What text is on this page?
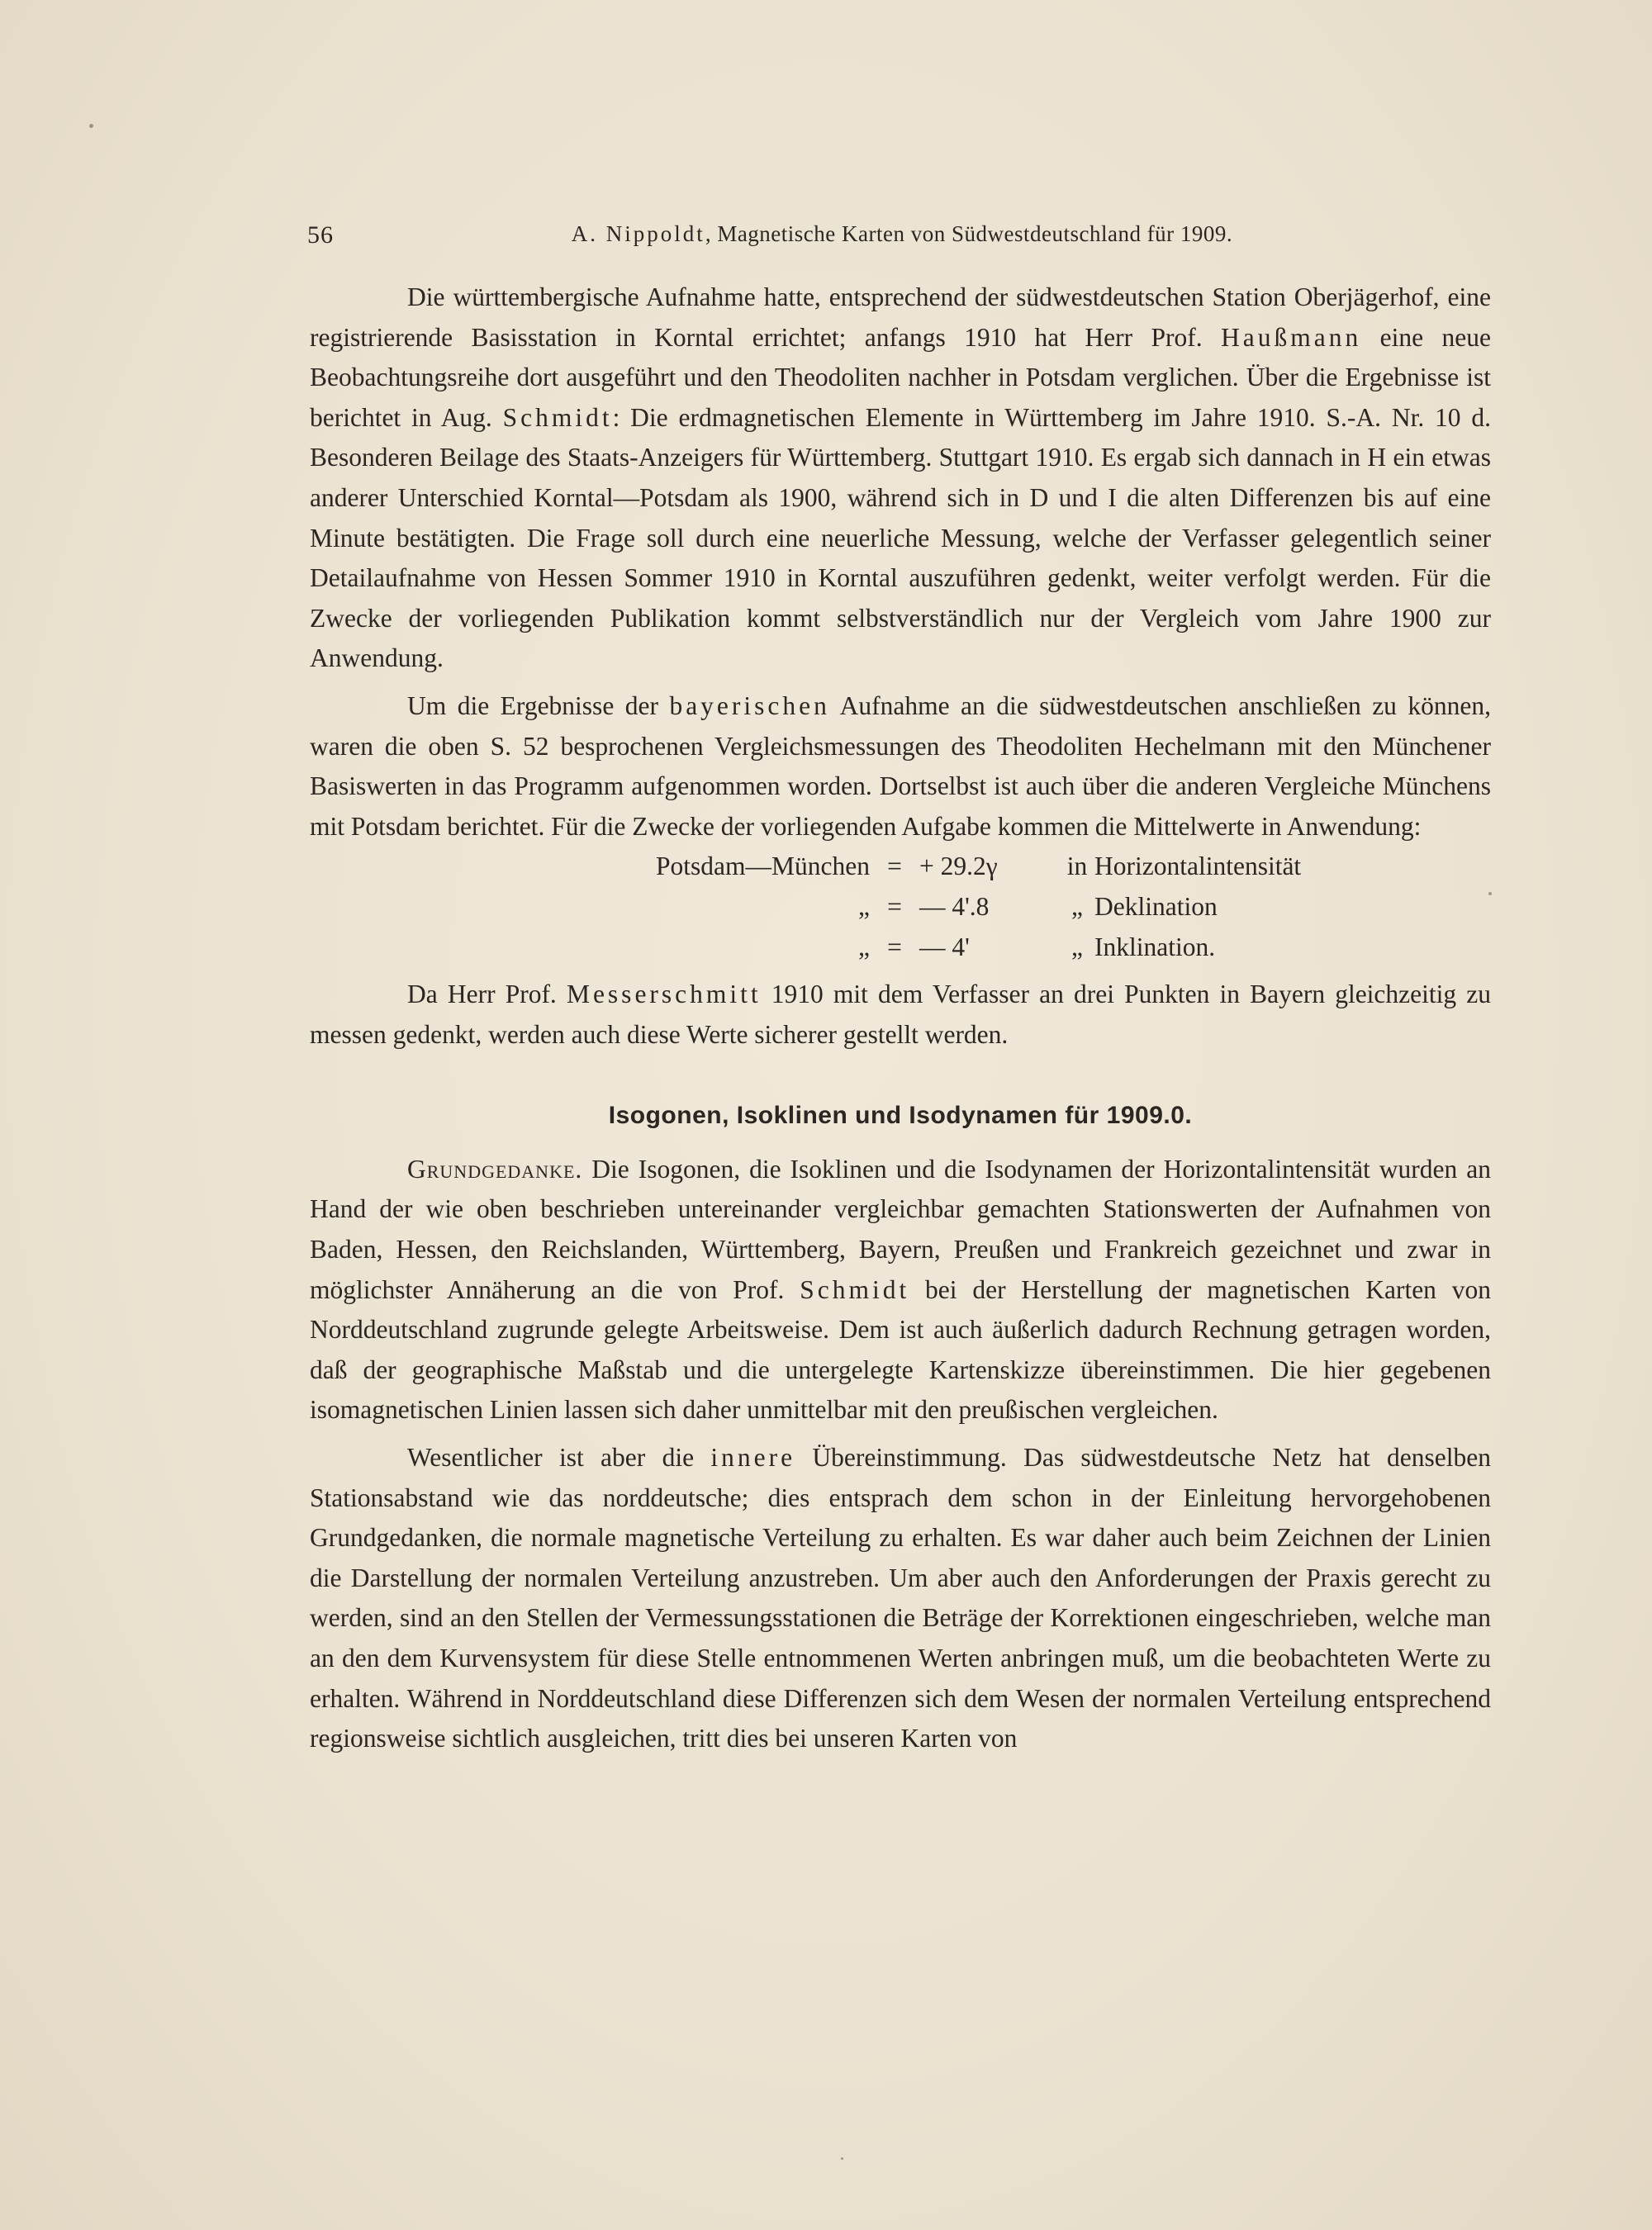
56	A. Nippoldt, Magnetische Karten von Südwestdeutschland für 1909.

Die württembergische Aufnahme hatte, entsprechend der südwestdeutschen Station Oberjägerhof, eine registrierende Basisstation in Korntal errichtet; anfangs 1910 hat Herr Prof. Haußmann eine neue Beobachtungsreihe dort ausgeführt und den Theodoliten nachher in Potsdam verglichen. Über die Ergebnisse ist berichtet in Aug. Schmidt: Die erdmagnetischen Elemente in Württemberg im Jahre 1910. S.-A. Nr. 10 d. Besonderen Beilage des Staats-Anzeigers für Württemberg. Stuttgart 1910. Es ergab sich dannach in H ein etwas anderer Unterschied Korntal—Potsdam als 1900, während sich in D und I die alten Differenzen bis auf eine Minute bestätigten. Die Frage soll durch eine neuerliche Messung, welche der Verfasser gelegentlich seiner Detailaufnahme von Hessen Sommer 1910 in Korntal auszuführen gedenkt, weiter verfolgt werden. Für die Zwecke der vorliegenden Publikation kommt selbstverständlich nur der Vergleich vom Jahre 1900 zur Anwendung.

Um die Ergebnisse der bayerischen Aufnahme an die südwestdeutschen anschließen zu können, waren die oben S. 52 besprochenen Vergleichsmessungen des Theodoliten Hechelmann mit den Münchener Basiswerten in das Programm aufgenommen worden. Dortselbst ist auch über die anderen Vergleiche Münchens mit Potsdam berichtet. Für die Zwecke der vorliegenden Aufgabe kommen die Mittelwerte in Anwendung:

Potsdam—München = + 29.2γ	in Horizontalintensität
„ = — 4'.8	„ Deklination
„ = — 4'	„ Inklination.

Da Herr Prof. Messerschmitt 1910 mit dem Verfasser an drei Punkten in Bayern gleichzeitig zu messen gedenkt, werden auch diese Werte sicherer gestellt werden.

Isogonen, Isoklinen und Isodynamen für 1909.0.

Grundgedanke. Die Isogonen, die Isoklinen und die Isodynamen der Horizontalintensität wurden an Hand der wie oben beschrieben untereinander vergleichbar gemachten Stationswerten der Aufnahmen von Baden, Hessen, den Reichslanden, Württemberg, Bayern, Preußen und Frankreich gezeichnet und zwar in möglichster Annäherung an die von Prof. Schmidt bei der Herstellung der magnetischen Karten von Norddeutschland zugrunde gelegte Arbeitsweise. Dem ist auch äußerlich dadurch Rechnung getragen worden, daß der geographische Maßstab und die untergelegte Kartenskizze übereinstimmen. Die hier gegebenen isomagnetischen Linien lassen sich daher unmittelbar mit den preußischen vergleichen.

Wesentlicher ist aber die innere Übereinstimmung. Das südwestdeutsche Netz hat denselben Stationsabstand wie das norddeutsche; dies entsprach dem schon in der Einleitung hervorgehobenen Grundgedanken, die normale magnetische Verteilung zu erhalten. Es war daher auch beim Zeichnen der Linien die Darstellung der normalen Verteilung anzustreben. Um aber auch den Anforderungen der Praxis gerecht zu werden, sind an den Stellen der Vermessungsstationen die Beträge der Korrektionen eingeschrieben, welche man an den dem Kurvensystem für diese Stelle entnommenen Werten anbringen muß, um die beobachteten Werte zu erhalten. Während in Norddeutschland diese Differenzen sich dem Wesen der normalen Verteilung entsprechend regionsweise sichtlich ausgleichen, tritt dies bei unseren Karten von
